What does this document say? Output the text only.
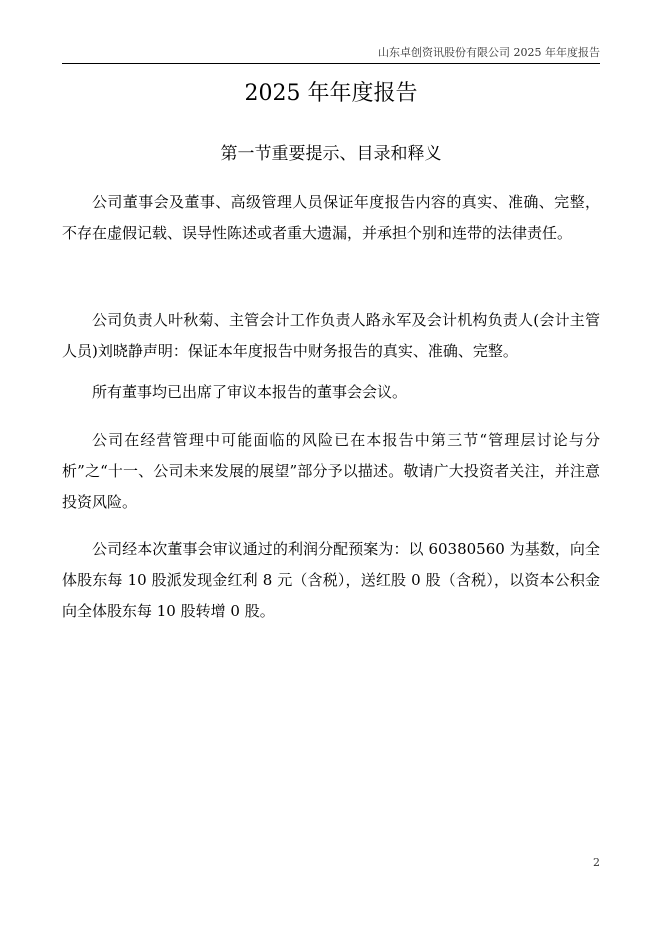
山东卓创资讯股份有限公司 2025 年年度报告
2025 年年度报告
第一节重要提示、目录和释义

公司董事会及董事、高级管理人员保证年度报告内容的真实、准确、完整，不存在虚假记载、误导性陈述或者重大遗漏，并承担个别和连带的法律责任。

公司负责人叶秋菊、主管会计工作负责人路永军及会计机构负责人(会计主管人员)刘晓静声明：保证本年度报告中财务报告的真实、准确、完整。

所有董事均已出席了审议本报告的董事会会议。

公司在经营管理中可能面临的风险已在本报告中第三节“管理层讨论与分析”之“十一、公司未来发展的展望”部分予以描述。敬请广大投资者关注，并注意投资风险。

公司经本次董事会审议通过的利润分配预案为：以 60380560 为基数，向全体股东每 10 股派发现金红利 8 元（含税），送红股 0 股（含税），以资本公积金向全体股东每 10 股转增 0 股。

2
